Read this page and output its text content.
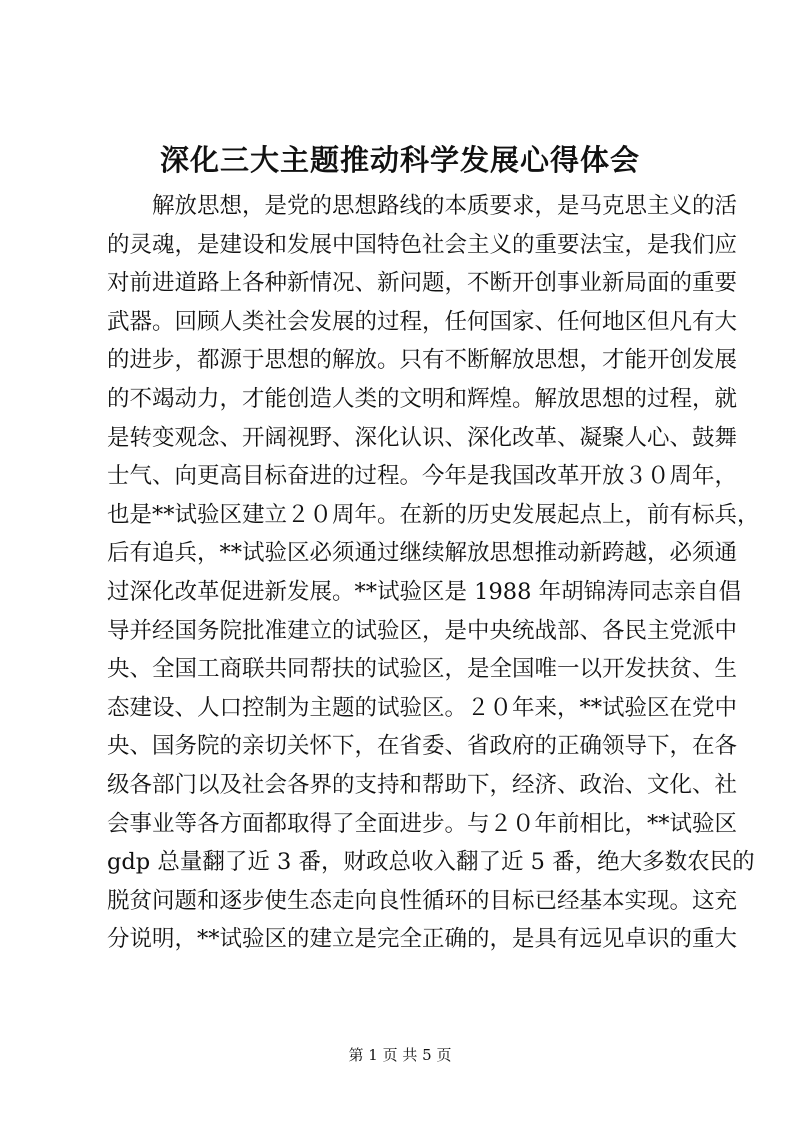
深化三大主题推动科学发展心得体会
解放思想，是党的思想路线的本质要求，是马克思主义的活
的灵魂，是建设和发展中国特色社会主义的重要法宝，是我们应
对前进道路上各种新情况、新问题，不断开创事业新局面的重要
武器。回顾人类社会发展的过程，任何国家、任何地区但凡有大
的进步，都源于思想的解放。只有不断解放思想，才能开创发展
的不竭动力，才能创造人类的文明和辉煌。解放思想的过程，就
是转变观念、开阔视野、深化认识、深化改革、凝聚人心、鼓舞
士气、向更高目标奋进的过程。今年是我国改革开放３０周年，
也是**试验区建立２０周年。在新的历史发展起点上，前有标兵，
后有追兵，**试验区必须通过继续解放思想推动新跨越，必须通
过深化改革促进新发展。**试验区是 1988 年胡锦涛同志亲自倡
导并经国务院批准建立的试验区，是中央统战部、各民主党派中
央、全国工商联共同帮扶的试验区，是全国唯一以开发扶贫、生
态建设、人口控制为主题的试验区。２０年来，**试验区在党中
央、国务院的亲切关怀下，在省委、省政府的正确领导下，在各
级各部门以及社会各界的支持和帮助下，经济、政治、文化、社
会事业等各方面都取得了全面进步。与２０年前相比，**试验区
gdp 总量翻了近 3 番，财政总收入翻了近 5 番，绝大多数农民的
脱贫问题和逐步使生态走向良性循环的目标已经基本实现。这充
分说明，**试验区的建立是完全正确的，是具有远见卓识的重大
第 1 页 共 5 页
